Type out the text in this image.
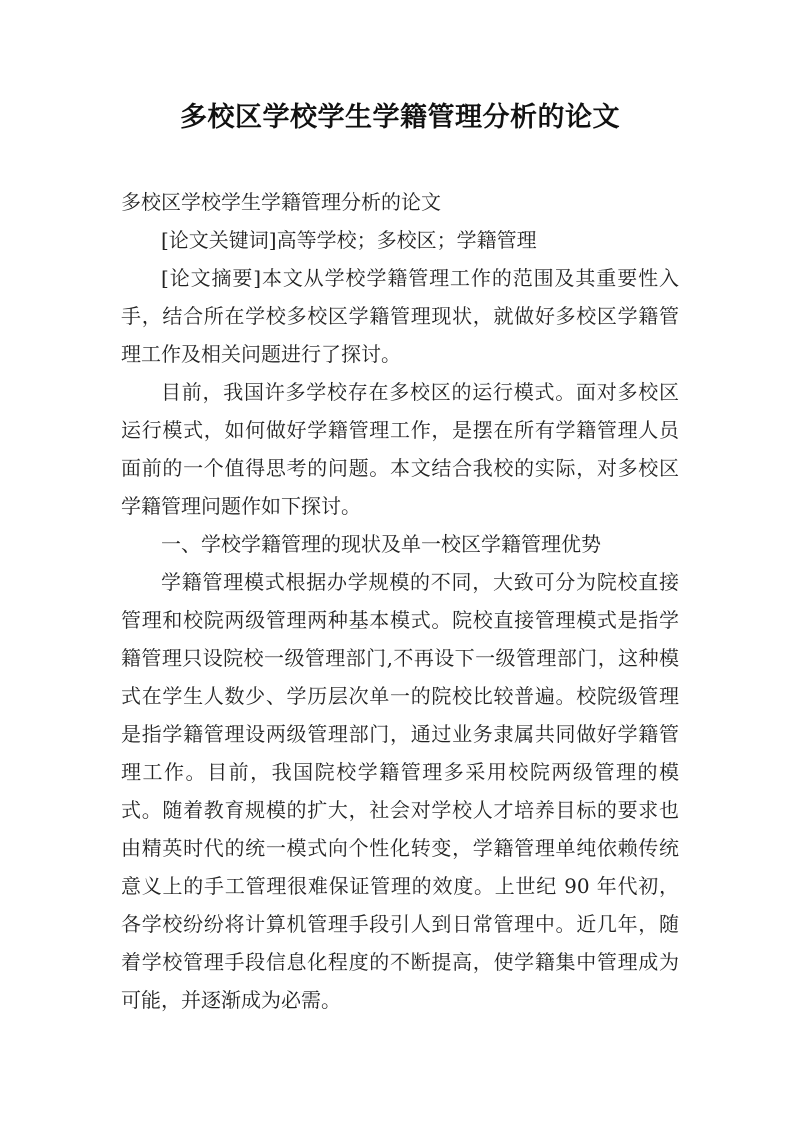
多校区学校学生学籍管理分析的论文

多校区学校学生学籍管理分析的论文

[论文关键词]高等学校；多校区；学籍管理

[论文摘要]本文从学校学籍管理工作的范围及其重要性入手，结合所在学校多校区学籍管理现状，就做好多校区学籍管理工作及相关问题进行了探讨。

目前，我国许多学校存在多校区的运行模式。面对多校区运行模式，如何做好学籍管理工作，是摆在所有学籍管理人员面前的一个值得思考的问题。本文结合我校的实际，对多校区学籍管理问题作如下探讨。

一、学校学籍管理的现状及单一校区学籍管理优势

学籍管理模式根据办学规模的不同，大致可分为院校直接管理和校院两级管理两种基本模式。院校直接管理模式是指学籍管理只设院校一级管理部门,不再设下一级管理部门，这种模式在学生人数少、学历层次单一的院校比较普遍。校院级管理是指学籍管理设两级管理部门，通过业务隶属共同做好学籍管理工作。目前，我国院校学籍管理多采用校院两级管理的模式。随着教育规模的扩大，社会对学校人才培养目标的要求也由精英时代的统一模式向个性化转变，学籍管理单纯依赖传统意义上的手工管理很难保证管理的效度。上世纪 90 年代初，各学校纷纷将计算机管理手段引人到日常管理中。近几年，随着学校管理手段信息化程度的不断提高，使学籍集中管理成为可能，并逐渐成为必需。
